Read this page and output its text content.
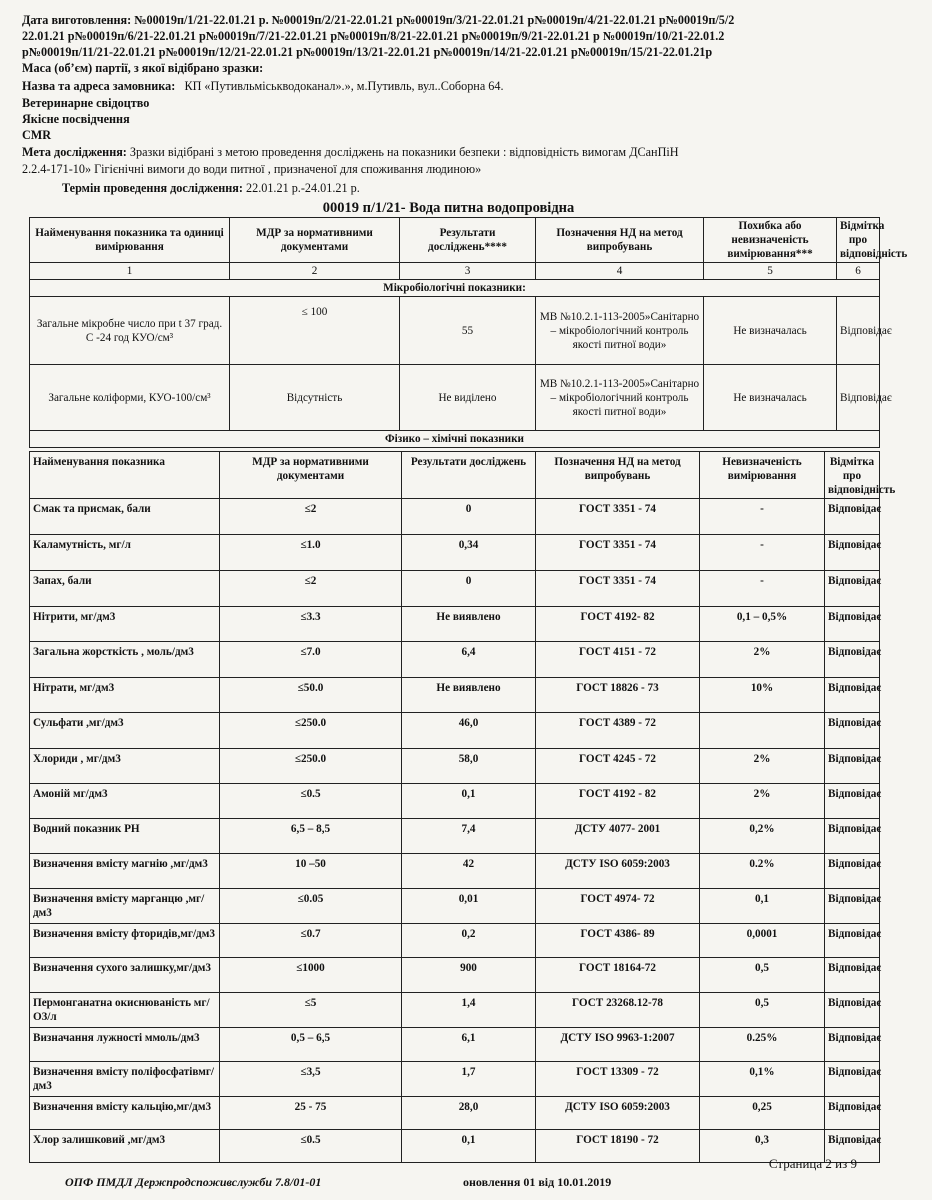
Дата виготовлення: №00019п/1/21-22.01.21 р. №00019п/2/21-22.01.21 р№00019п/3/21-22.01.21 р№00019п/4/21-22.01.21 р№00019п/5/2
22.01.21 р№00019п/6/21-22.01.21 р№00019п/7/21-22.01.21 р№00019п/8/21-22.01.21 р№00019п/9/21-22.01.21 р №00019п/10/21-22.01.2
р№00019п/11/21-22.01.21 р№00019п/12/21-22.01.21 р№00019п/13/21-22.01.21 р№00019п/14/21-22.01.21 р№00019п/15/21-22.01.21р
Маса (об’єм) партії, з якої відібрано зразки:
Назва та адреса замовника: КП «Путивльміськводоканал».», м.Путивль, вул..Соборна 64.
Ветеринарне свідоцтво
Якісне посвідчення
CMR
Мета дослідження: Зразки відібрані з метою проведення досліджень на показники безпеки : відповідність вимогам ДСанПіН
2.2.4-171-10» Гігієнічні вимоги до води питної , призначеної для споживання людиною»
Термін проведення дослідження: 22.01.21 р.-24.01.21 р.
00019 п/1/21- Вода питна водопровідна
Найменування показника та одиниці вимірювання	МДР за нормативними документами	Результати досліджень****	Позначення НД на метод випробувань	Похибка або невизначеність вимірювання***	Відмітка про відповідність
1	2	3	4	5	6
Мікробіологічні показники:					
Загальне мікробне число при t 37 град. С -24 год КУО/см³	≤ 100	55	МВ №10.2.1-113-2005»Санітарно – мікробіологічний контроль якості питної води»	Не визначалась	Відповідає
Загальне коліформи, КУО-100/см³	Відсутність	Не виділено	МВ №10.2.1-113-2005»Санітарно – мікробіологічний контроль якості питної води»	Не визначалась	Відповідає
Фізико – хімічні показники					
Найменування показника	МДР за нормативними документами	Результати досліджень	Позначення НД на метод випробувань	Невизначеність вимірювання	Відмітка про відповідність
Смак та присмак, бали	≤2	0	ГОСТ 3351 - 74	-	Відповідає
Каламутність, мг/л	≤1.0	0,34	ГОСТ 3351 - 74	-	Відповідає
Запах, бали	≤2	0	ГОСТ 3351 - 74	-	Відповідає
Нітрити, мг/дм3	≤3.3	Не виявлено	ГОСТ 4192- 82	0,1 – 0,5%	Відповідає
Загальна жорсткість , моль/дм3	≤7.0	6,4	ГОСТ 4151 - 72	2%	Відповідає
Нітрати, мг/дм3	≤50.0	Не виявлено	ГОСТ 18826 - 73	10%	Відповідає
Сульфати ,мг/дм3	≤250.0	46,0	ГОСТ 4389 - 72		Відповідає
Хлориди , мг/дм3	≤250.0	58,0	ГОСТ 4245 - 72	2%	Відповідає
Амоній мг/дм3	≤0.5	0,1	ГОСТ 4192 - 82	2%	Відповідає
Водний показник PH	6,5 – 8,5	7,4	ДСТУ 4077- 2001	0,2%	Відповідає
Визначення вмісту магнію ,мг/дм3	10 –50	42	ДСТУ ISO 6059:2003	0.2%	Відповідає
Визначення вмісту марганцю ,мг/дм3	≤0.05	0,01	ГОСТ 4974- 72	0,1	Відповідає
Визначення вмісту фторидів,мг/дм3	≤0.7	0,2	ГОСТ 4386- 89	0,0001	Відповідає
Визначення сухого залишку,мг/дм3	≤1000	900	ГОСТ 18164-72	0,5	Відповідає
Пермонганатна окиснюваність мг/О3/л	≤5	1,4	ГОСТ 23268.12-78	0,5	Відповідає
Визначання лужності ммоль/дм3	0,5 – 6,5	6,1	ДСТУ ISO 9963-1:2007	0.25%	Відповідає
Визначення вмісту поліфосфатівмг/дм3	≤3,5	1,7	ГОСТ 13309 - 72	0,1%	Відповідає
Визначення вмісту кальцію,мг/дм3	25 - 75	28,0	ДСТУ ISO 6059:2003	0,25	Відповідає
Хлор залишковий ,мг/дм3	≤0.5	0,1	ГОСТ 18190 - 72	0,3	Відповідає
Страница 2 из 9
ОПФ ПМДЛ Держпродспоживслужби 7.8/01-01	оновлення 01 від 10.01.2019
